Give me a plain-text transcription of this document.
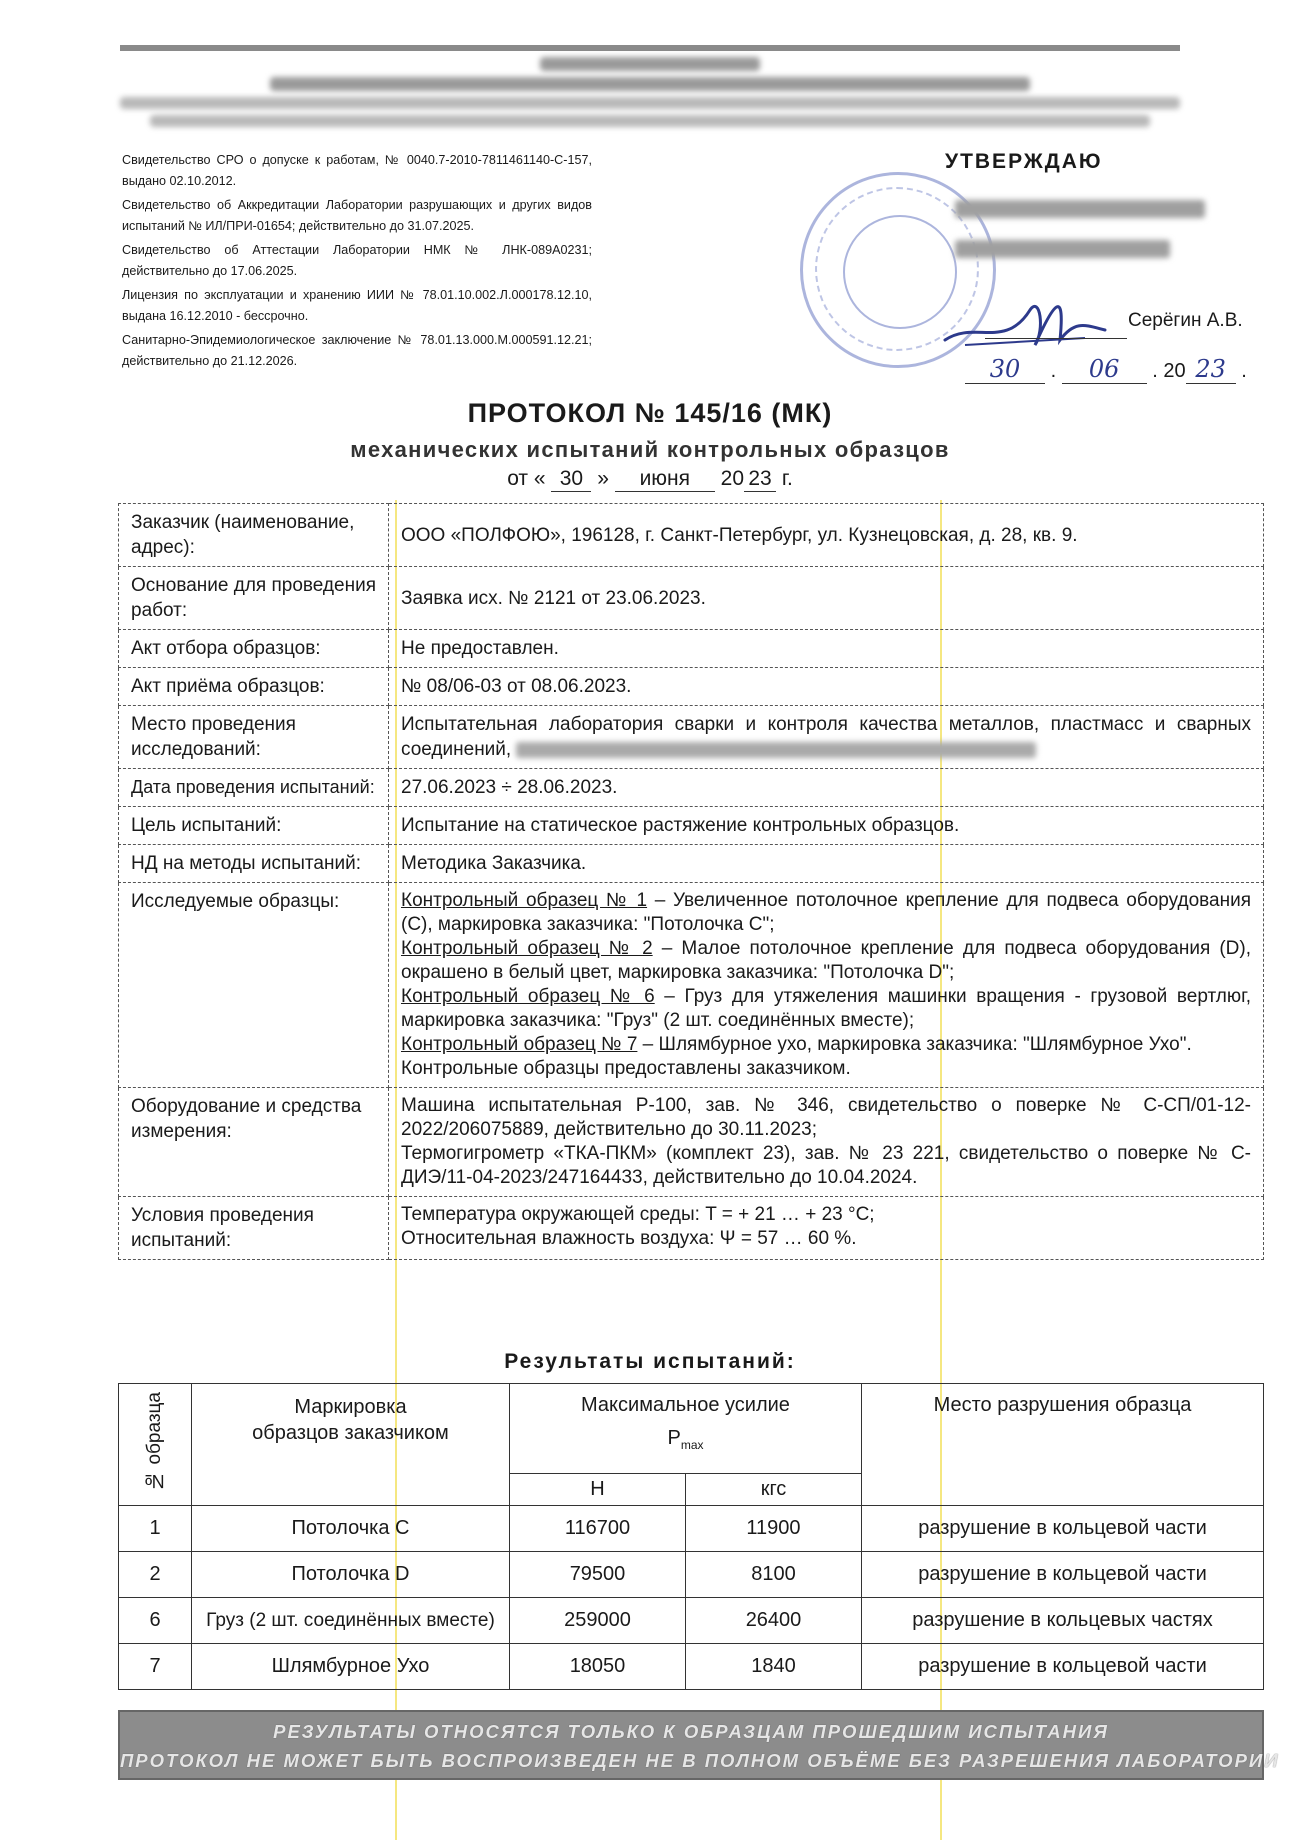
Свидетельство СРО о допуске к работам, № 0040.7-2010-7811461140-С-157, выдано 02.10.2012.

Свидетельство об Аккредитации Лаборатории разрушающих и других видов испытаний № ИЛ/ПРИ-01654; действительно до 31.07.2025.

Свидетельство об Аттестации Лаборатории НМК № ЛНК-089А0231; действительно до 17.06.2025.

Лицензия по эксплуатации и хранению ИИИ № 78.01.10.002.Л.000178.12.10, выдана 16.12.2010 - бессрочно.

Санитарно-Эпидемиологическое заключение № 78.01.13.000.М.000591.12.21; действительно до 21.12.2026.

УТВЕРЖДАЮ
Серёгин А.В.
30 . 06 . 20 23 .
ПРОТОКОЛ № 145/16 (МК)
механических испытаний контрольных образцов
от « 30 » июня 20 23 г.
Заказчик (наименование, адрес):	ООО «ПОЛФОЮ», 196128, г. Санкт-Петербург, ул. Кузнецовская, д. 28, кв. 9.
Основание для проведения работ:	Заявка исх. № 2121 от 23.06.2023.
Акт отбора образцов:	Не предоставлен.
Акт приёма образцов:	№ 08/06-03 от 08.06.2023.
Место проведения исследований:	Испытательная лаборатория сварки и контроля качества металлов, пластмасс и сварных соединений,
Дата проведения испытаний:	27.06.2023 ÷ 28.06.2023.
Цель испытаний:	Испытание на статическое растяжение контрольных образцов.
НД на методы испытаний:	Методика Заказчика.
Исследуемые образцы:	Контрольный образец № 1 – Увеличенное потолочное крепление для подвеса оборудования (С), маркировка заказчика: "Потолочка С";
Контрольный образец № 2 – Малое потолочное крепление для подвеса оборудования (D), окрашено в белый цвет, маркировка заказчика: "Потолочка D";
Контрольный образец № 6 – Груз для утяжеления машинки вращения - грузовой вертлюг, маркировка заказчика: "Груз" (2 шт. соединённых вместе);
Контрольный образец № 7 – Шлямбурное ухо, маркировка заказчика: "Шлямбурное Ухо".
Контрольные образцы предоставлены заказчиком.

Оборудование и средства измерения:	Машина испытательная Р-100, зав. № 346, свидетельство о поверке № С-СП/01-12-2022/206075889, действительно до 30.11.2023;
Термогигрометр «ТКА-ПКМ» (комплект 23), зав. № 23 221, свидетельство о поверке № С-ДИЭ/11-04-2023/247164433, действительно до 10.04.2024.

Условия проведения испытаний:	Температура окружающей среды: T = + 21 … + 23 °С;
Относительная влажность воздуха: Ψ = 57 … 60 %.
Результаты испытаний:
№ образца	Маркировка образцов заказчиком	Максимальное усилие
$P_{max}$		Место разрушения образца

		Н	кгс	
1	Потолочка С	116700	11900	разрушение в кольцевой части
2	Потолочка D	79500	8100	разрушение в кольцевой части
6	Груз (2 шт. соединённых вместе)	259000	26400	разрушение в кольцевых частях
7	Шлямбурное Ухо	18050	1840	разрушение в кольцевой части
РЕЗУЛЬТАТЫ ОТНОСЯТСЯ ТОЛЬКО К ОБРАЗЦАМ ПРОШЕДШИМ ИСПЫТАНИЯ
ПРОТОКОЛ НЕ МОЖЕТ БЫТЬ ВОСПРОИЗВЕДЕН НЕ В ПОЛНОМ ОБЪЁМЕ БЕЗ РАЗРЕШЕНИЯ ЛАБОРАТОРИИ
